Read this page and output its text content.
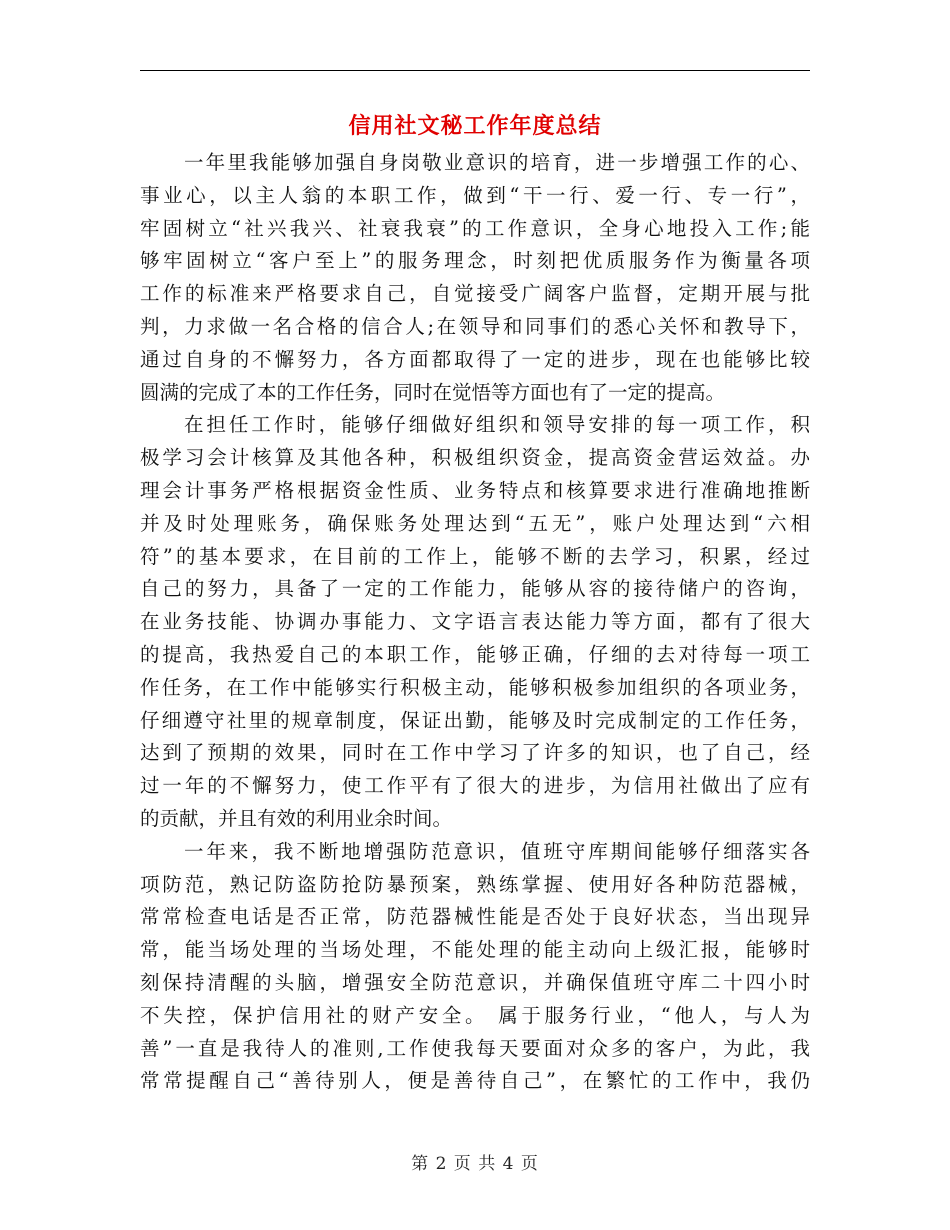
信用社文秘工作年度总结
一年里我能够加强自身岗敬业意识的培育，进一步增强工作的心、
事业心，以主人翁的本职工作，做到“干一行、爱一行、专一行”，
牢固树立“社兴我兴、社衰我衰”的工作意识，全身心地投入工作;能
够牢固树立“客户至上”的服务理念，时刻把优质服务作为衡量各项
工作的标准来严格要求自己，自觉接受广阔客户监督，定期开展与批
判，力求做一名合格的信合人;在领导和同事们的悉心关怀和教导下，
通过自身的不懈努力，各方面都取得了一定的进步，现在也能够比较
圆满的完成了本的工作任务，同时在觉悟等方面也有了一定的提高。
在担任工作时，能够仔细做好组织和领导安排的每一项工作，积
极学习会计核算及其他各种，积极组织资金，提高资金营运效益。办
理会计事务严格根据资金性质、业务特点和核算要求进行准确地推断
并及时处理账务，确保账务处理达到“五无”，账户处理达到“六相
符”的基本要求，在目前的工作上，能够不断的去学习，积累，经过
自己的努力，具备了一定的工作能力，能够从容的接待储户的咨询，
在业务技能、协调办事能力、文字语言表达能力等方面，都有了很大
的提高，我热爱自己的本职工作，能够正确，仔细的去对待每一项工
作任务，在工作中能够实行积极主动，能够积极参加组织的各项业务，
仔细遵守社里的规章制度，保证出勤，能够及时完成制定的工作任务，
达到了预期的效果，同时在工作中学习了许多的知识，也了自己，经
过一年的不懈努力，使工作平有了很大的进步，为信用社做出了应有
的贡献，并且有效的利用业余时间。
一年来，我不断地增强防范意识，值班守库期间能够仔细落实各
项防范，熟记防盗防抢防暴预案，熟练掌握、使用好各种防范器械，
常常检查电话是否正常，防范器械性能是否处于良好状态，当出现异
常，能当场处理的当场处理，不能处理的能主动向上级汇报，能够时
刻保持清醒的头脑，增强安全防范意识，并确保值班守库二十四小时
不失控，保护信用社的财产安全。 属于服务行业，“他人，与人为
善”一直是我待人的准则,工作使我每天要面对众多的客户，为此，我
常常提醒自己“善待别人，便是善待自己”，在繁忙的工作中，我仍
第 2 页 共 4 页
